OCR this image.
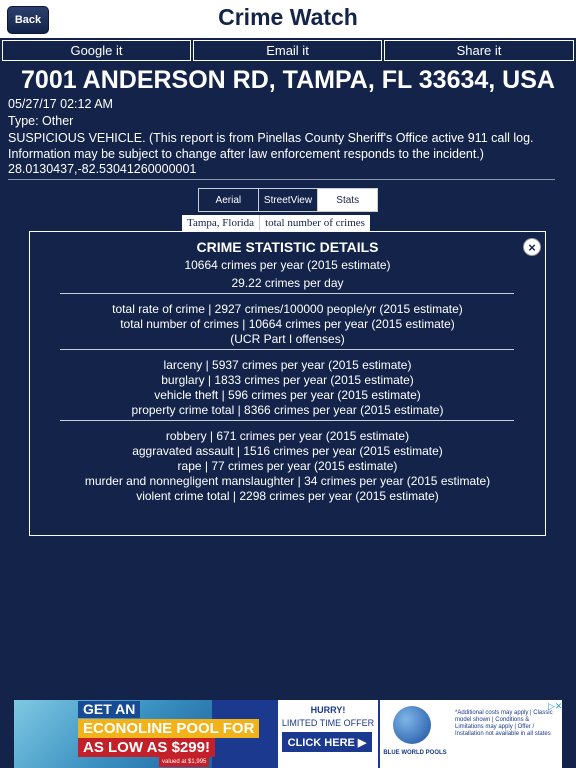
Back	Crime Watch
Google it	Email it	Share it
7001 ANDERSON RD, TAMPA, FL 33634, USA
05/27/17 02:12 AM
Type: Other
SUSPICIOUS VEHICLE. (This report is from Pinellas County Sheriff's Office active 911 call log. Information may be subject to change after law enforcement responds to the incident.)
28.0130437,-82.53041260000001
Aerial	StreetView	Stats
Tampa, Florida	total number of crimes
CRIME STATISTIC DETAILS	×
10664 crimes per year (2015 estimate)
29.22 crimes per day
total rate of crime | 2927 crimes/100000 people/yr (2015 estimate)
total number of crimes | 10664 crimes per year (2015 estimate)
(UCR Part I offenses)
larceny | 5937 crimes per year (2015 estimate)
burglary | 1833 crimes per year (2015 estimate)
vehicle theft | 596 crimes per year (2015 estimate)
property crime total | 8366 crimes per year (2015 estimate)
robbery | 671 crimes per year (2015 estimate)
aggravated assault | 1516 crimes per year (2015 estimate)
rape | 77 crimes per year (2015 estimate)
murder and nonnegligent manslaughter | 34 crimes per year (2015 estimate)
violent crime total | 2298 crimes per year (2015 estimate)
GET AN
ECONOLINE POOL FOR
AS LOW AS $299!
valued at $1,995
HURRY!
LIMITED TIME OFFER
CLICK HERE ▶
BLUE WORLD POOLS
▷✕
*Additional costs may apply | Classic model shown | Conditions & Limitations may apply | Offer / Installation not available in all states
